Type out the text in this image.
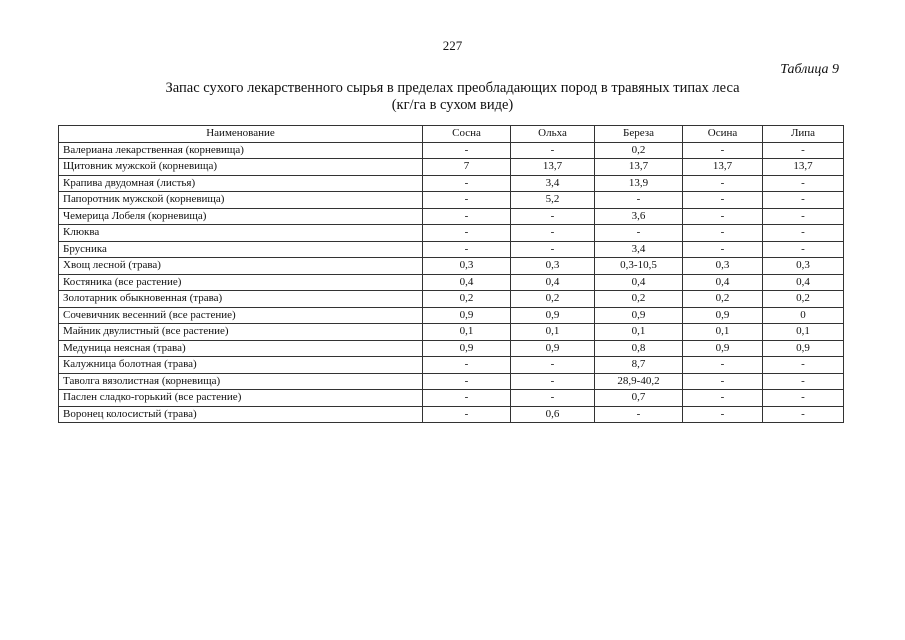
227
Таблица 9
Запас сухого лекарственного сырья в пределах преобладающих пород в травяных типах леса
(кг/га в сухом виде)
Наименование	Сосна	Ольха	Береза	Осина	Липа
Валериана лекарственная (корневища)	-	-	0,2	-	-
Щитовник мужской (корневища)	7	13,7	13,7	13,7	13,7
Крапива двудомная (листья)	-	3,4	13,9	-	-
Папоротник мужской (корневища)	-	5,2	-	-	-
Чемерица Лобеля (корневища)	-	-	3,6	-	-
Клюква	-	-	-	-	-
Брусника	-	-	3,4	-	-
Хвощ лесной (трава)	0,3	0,3	0,3-10,5	0,3	0,3
Костяника (все растение)	0,4	0,4	0,4	0,4	0,4
Золотарник обыкновенная (трава)	0,2	0,2	0,2	0,2	0,2
Сочевичник весенний (все растение)	0,9	0,9	0,9	0,9	0
Майник двулистный (все растение)	0,1	0,1	0,1	0,1	0,1
Медуница неясная (трава)	0,9	0,9	0,8	0,9	0,9
Калужница болотная (трава)	-	-	8,7	-	-
Таволга вязолистная (корневища)	-	-	28,9-40,2	-	-
Паслен сладко-горький (все растение)	-	-	0,7	-	-
Воронец колосистый (трава)	-	0,6	-	-	-
